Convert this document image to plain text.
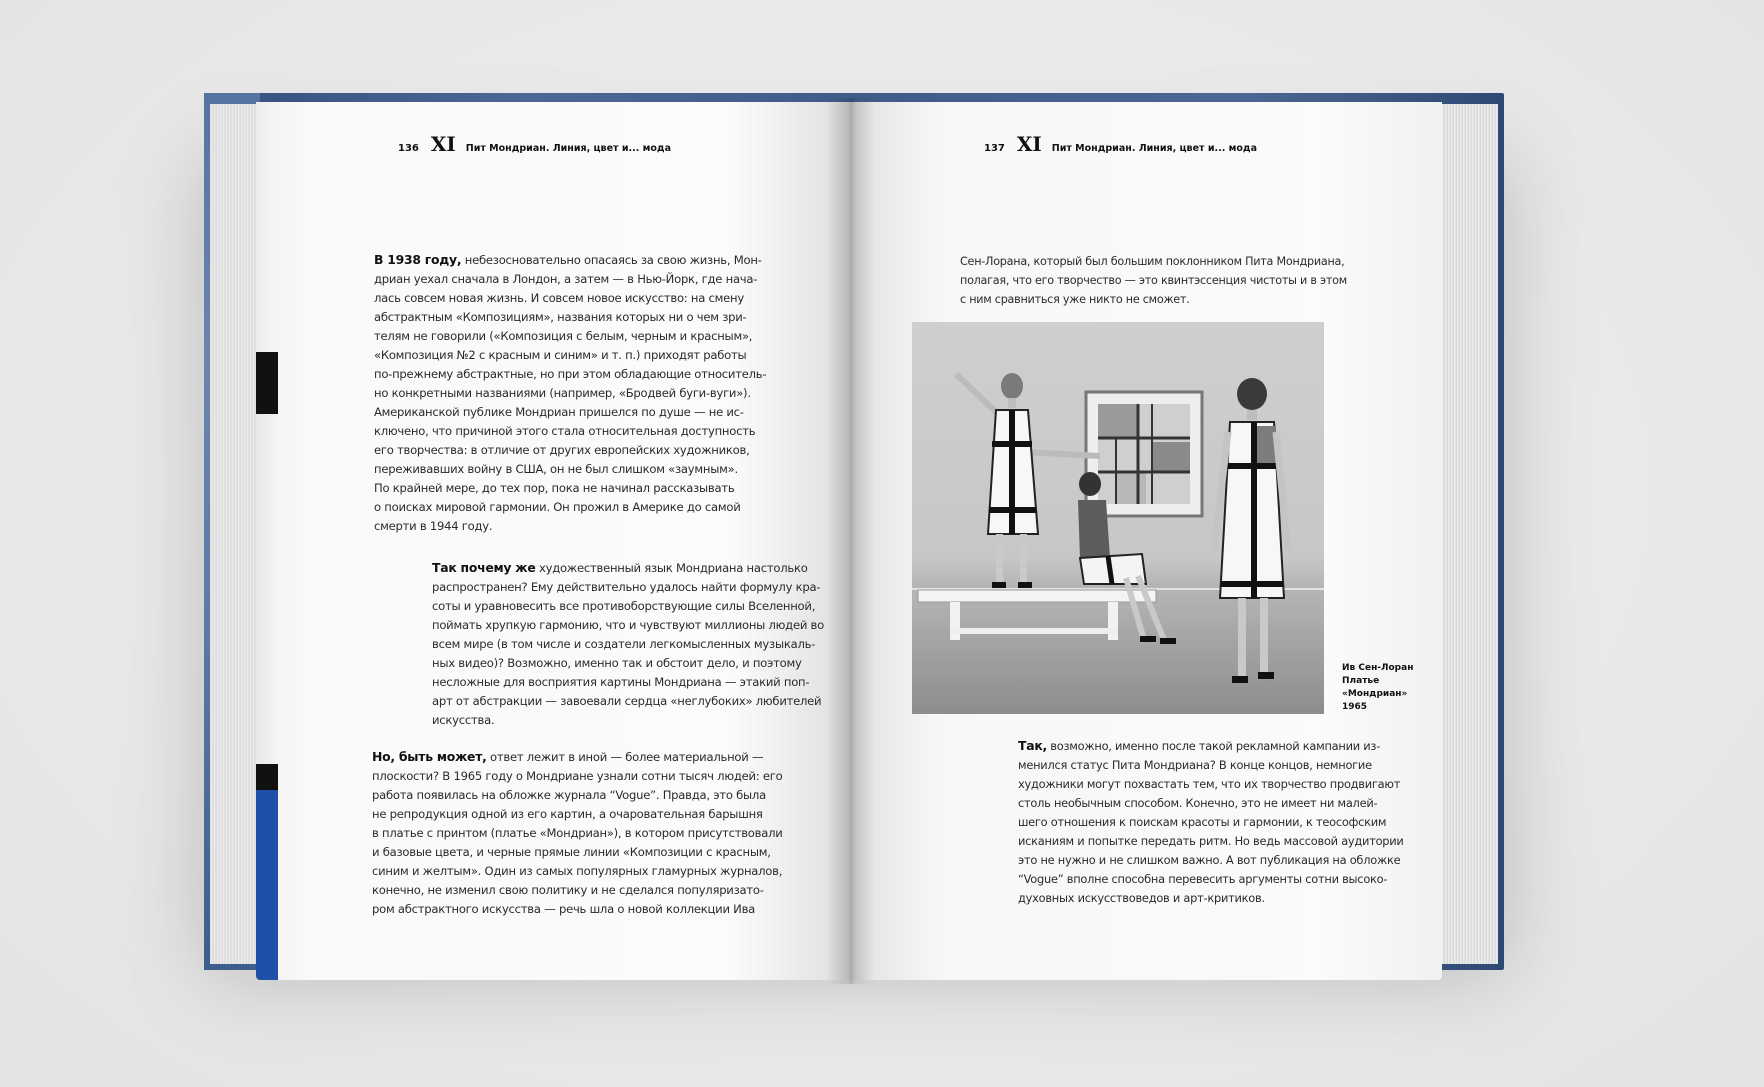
136 XI Пит Мондриан. Линия, цвет и... мода
В 1938 году, небезосновательно опасаясь за свою жизнь, Мон-
дриан уехал сначала в Лондон, а затем — в Нью-Йорк, где нача-
лась совсем новая жизнь. И совсем новое искусство: на смену
абстрактным «Композициям», названия которых ни о чем зри-
телям не говорили («Композиция с белым, черным и красным»,
«Композиция №2 с красным и синим» и т. п.) приходят работы
по-прежнему абстрактные, но при этом обладающие относитель-
но конкретными названиями (например, «Бродвей буги-вуги»).
Американской публике Мондриан пришелся по душе — не ис-
ключено, что причиной этого стала относительная доступность
его творчества: в отличие от других европейских художников,
переживавших войну в США, он не был слишком «заумным».
По крайней мере, до тех пор, пока не начинал рассказывать
о поисках мировой гармонии. Он прожил в Америке до самой
смерти в 1944 году.
Так почему же художественный язык Мондриана настолько
распространен? Ему действительно удалось найти формулу кра-
соты и уравновесить все противоборствующие силы Вселенной,
поймать хрупкую гармонию, что и чувствуют миллионы людей во
всем мире (в том числе и создатели легкомысленных музыкаль-
ных видео)? Возможно, именно так и обстоит дело, и поэтому
несложные для восприятия картины Мондриана — этакий поп-
арт от абстракции — завоевали сердца «неглубоких» любителей
искусства.
Но, быть может, ответ лежит в иной — более материальной —
плоскости? В 1965 году о Мондриане узнали сотни тысяч людей: его
работа появилась на обложке журнала “Vogue”. Правда, это была
не репродукция одной из его картин, а очаровательная барышня
в платье с принтом (платье «Мондриан»), в котором присутствовали
и базовые цвета, и черные прямые линии «Композиции с красным,
синим и желтым». Один из самых популярных гламурных журналов,
конечно, не изменил свою политику и не сделался популяризато-
ром абстрактного искусства — речь шла о новой коллекции Ива
137 XI Пит Мондриан. Линия, цвет и... мода
Сен-Лорана, который был большим поклонником Пита Мондриана,
полагая, что его творчество — это квинтэссенция чистоты и в этом
с ним сравниться уже никто не сможет.
Ив Сен-Лоран
Платье
«Мондриан»
1965
Так, возможно, именно после такой рекламной кампании из-
менился статус Пита Мондриана? В конце концов, немногие
художники могут похвастать тем, что их творчество продвигают
столь необычным способом. Конечно, это не имеет ни малей-
шего отношения к поискам красоты и гармонии, к теософским
исканиям и попытке передать ритм. Но ведь массовой аудитории
это не нужно и не слишком важно. А вот публикация на обложке
“Vogue” вполне способна перевесить аргументы сотни высоко-
духовных искусствоведов и арт-критиков.
